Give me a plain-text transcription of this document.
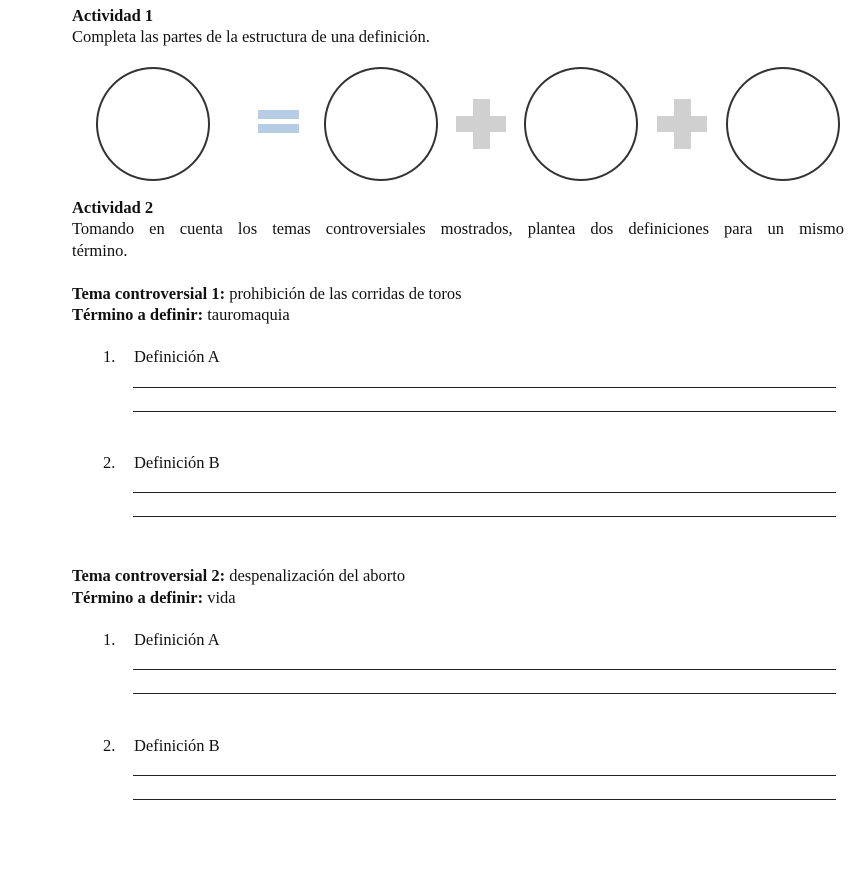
Actividad 1
Completa las partes de la estructura de una definición.
Actividad 2
Tomando en cuenta los temas controversiales mostrados, plantea dos definiciones para un mismo
término.
Tema controversial 1: prohibición de las corridas de toros
Término a definir: tauromaquia
1. Definición A
2. Definición B
Tema controversial 2: despenalización del aborto
Término a definir: vida
1. Definición A
2. Definición B
